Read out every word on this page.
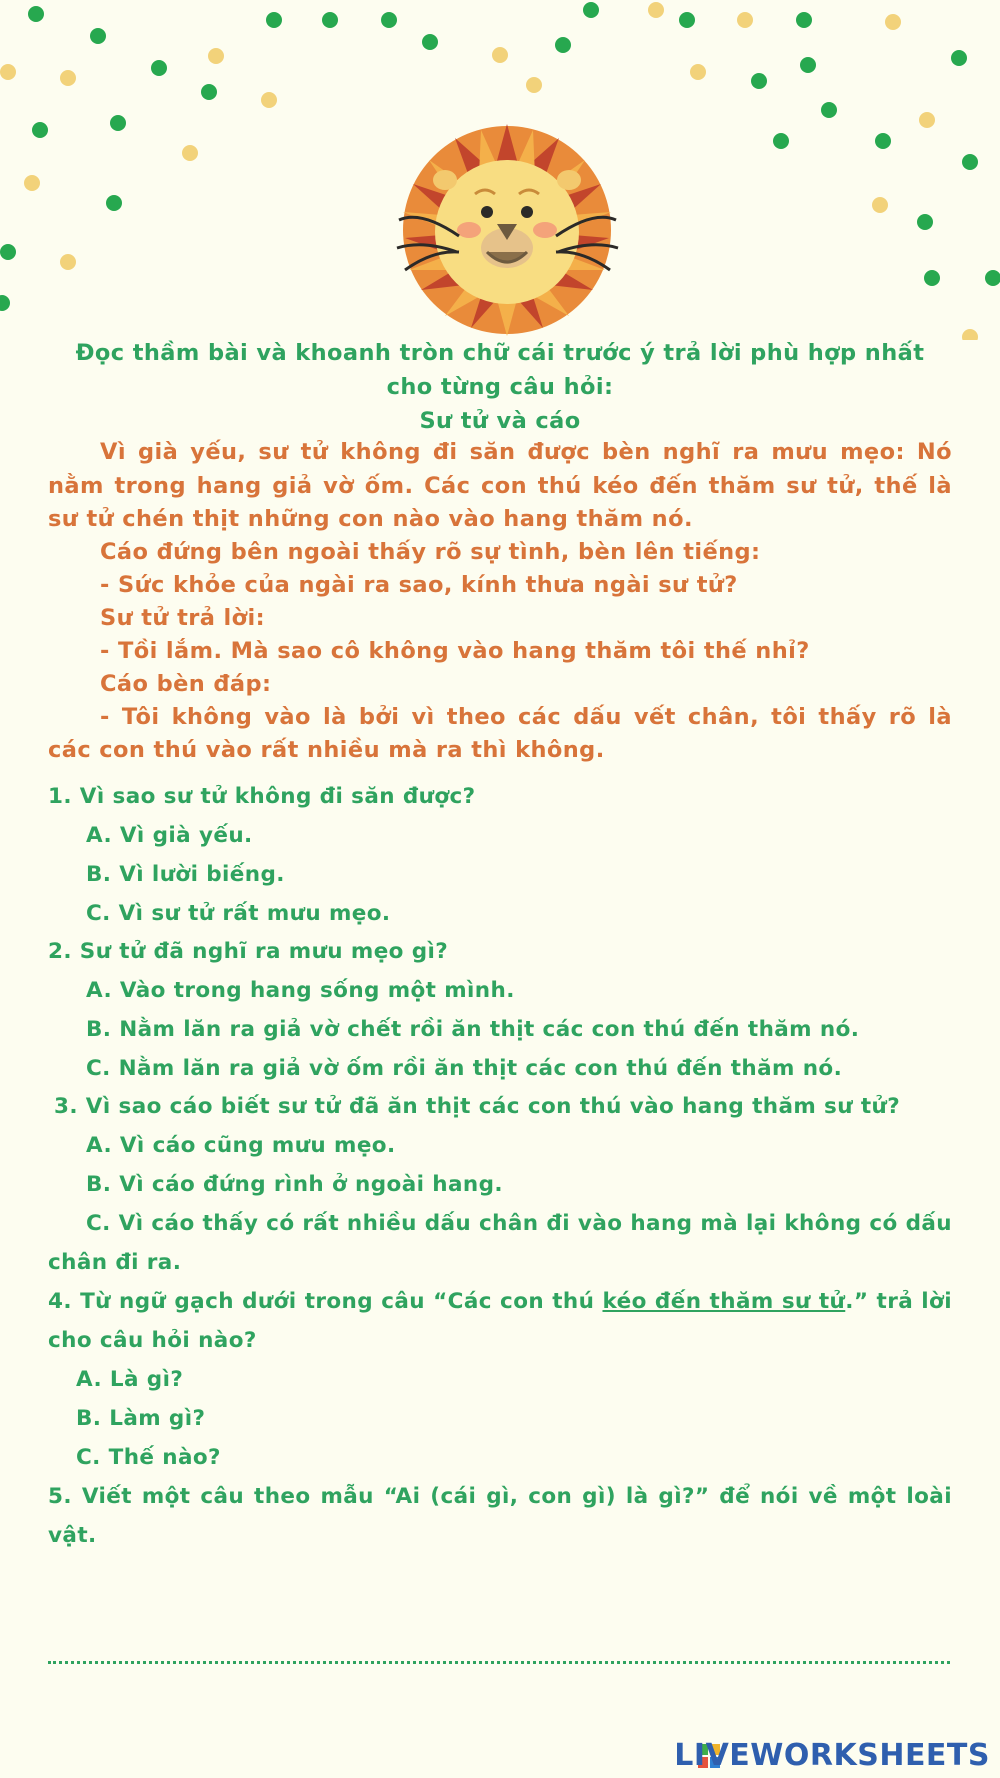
Đọc thầm bài và khoanh tròn chữ cái trước ý trả lời phù hợp nhất
cho từng câu hỏi:
Sư tử và cáo
Vì già yếu, sư tử không đi săn được bèn nghĩ ra mưu mẹo: Nó
nằm trong hang giả vờ ốm. Các con thú kéo đến thăm sư tử, thế là
sư tử chén thịt những con nào vào hang thăm nó.
Cáo đứng bên ngoài thấy rõ sự tình, bèn lên tiếng:
- Sức khỏe của ngài ra sao, kính thưa ngài sư tử?
Sư tử trả lời:
- Tồi lắm. Mà sao cô không vào hang thăm tôi thế nhỉ?
Cáo bèn đáp:
- Tôi không vào là bởi vì theo các dấu vết chân, tôi thấy rõ là
các con thú vào rất nhiều mà ra thì không.
1. Vì sao sư tử không đi săn được?
A. Vì già yếu.
B. Vì lười biếng.
C. Vì sư tử rất mưu mẹo.
2. Sư tử đã nghĩ ra mưu mẹo gì?
A. Vào trong hang sống một mình.
B. Nằm lăn ra giả vờ chết rồi ăn thịt các con thú đến thăm nó.
C. Nằm lăn ra giả vờ ốm rồi ăn thịt các con thú đến thăm nó.
3. Vì sao cáo biết sư tử đã ăn thịt các con thú vào hang thăm sư tử?
A. Vì cáo cũng mưu mẹo.
B. Vì cáo đứng rình ở ngoài hang.
C. Vì cáo thấy có rất nhiều dấu chân đi vào hang mà lại không có dấu
chân đi ra.
4. Từ ngữ gạch dưới trong câu “Các con thú kéo đến thăm sư tử.” trả lời
cho câu hỏi nào?
A. Là gì?
B. Làm gì?
C. Thế nào?
5. Viết một câu theo mẫu “Ai (cái gì, con gì) là gì?” để nói về một loài
vật.
LIVEWORKSHEETS
